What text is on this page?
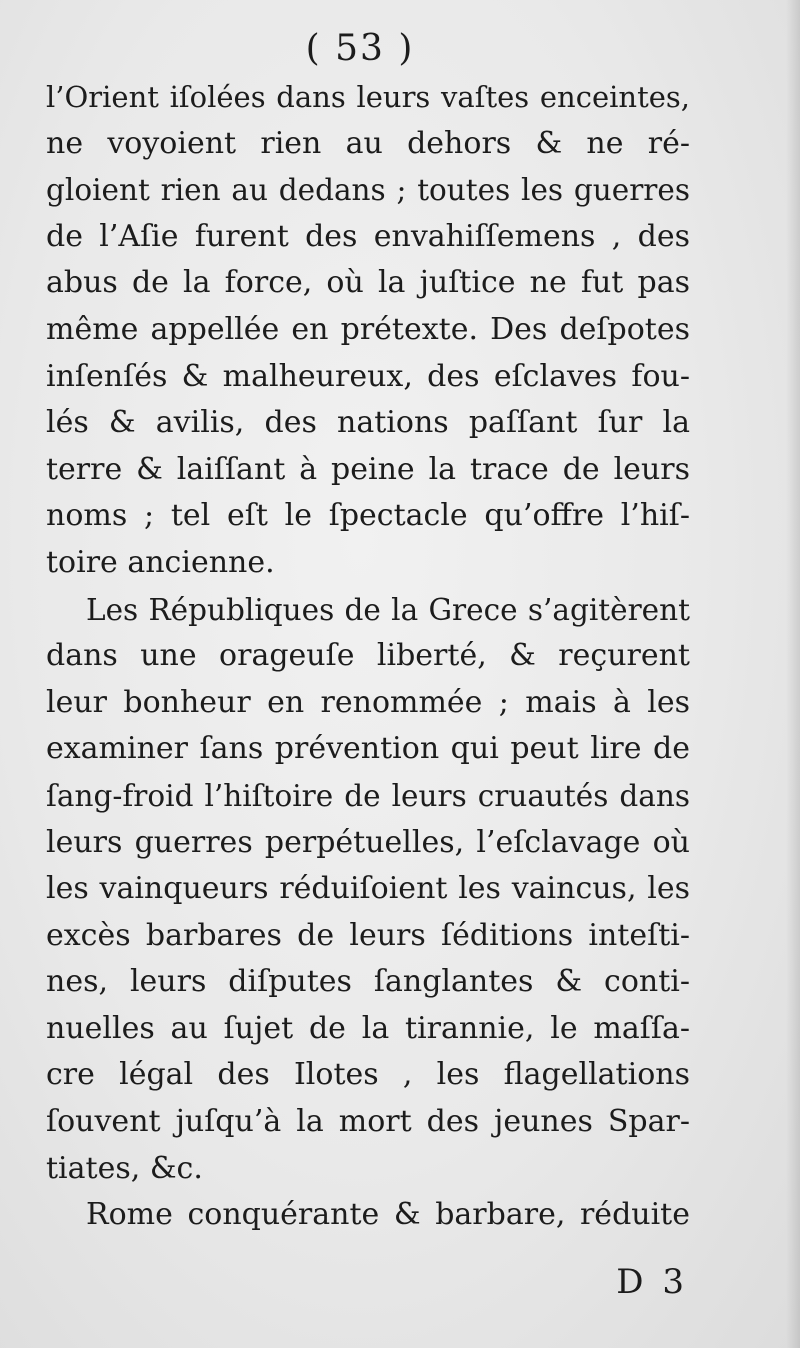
( 53 )
l’Orient iſolées dans leurs vaſtes enceintes,
ne voyoient rien au dehors & ne ré-
gloient rien au dedans ; toutes les guerres
de l’Aſie furent des envahiſſemens , des
abus de la force, où la juſtice ne fut pas
même appellée en prétexte. Des deſpotes
inſenſés & malheureux, des eſclaves fou-
lés & avilis, des nations paſſant ſur la
terre & laiſſant à peine la trace de leurs
noms ; tel eſt le ſpectacle qu’offre l’hiſ-
toire ancienne.
Les Républiques de la Grece s’agitèrent
dans une orageuſe liberté, & reçurent
leur bonheur en renommée ; mais à les
examiner ſans prévention qui peut lire de
ſang-froid l’hiſtoire de leurs cruautés dans
leurs guerres perpétuelles, l’eſclavage où
les vainqueurs réduiſoient les vaincus, les
excès barbares de leurs ſéditions inteſti-
nes, leurs diſputes ſanglantes & conti-
nuelles au ſujet de la tirannie, le maſſa-
cre légal des Ilotes , les flagellations
ſouvent juſqu’à la mort des jeunes Spar-
tiates, &c.
Rome conquérante & barbare, réduite
D 3
